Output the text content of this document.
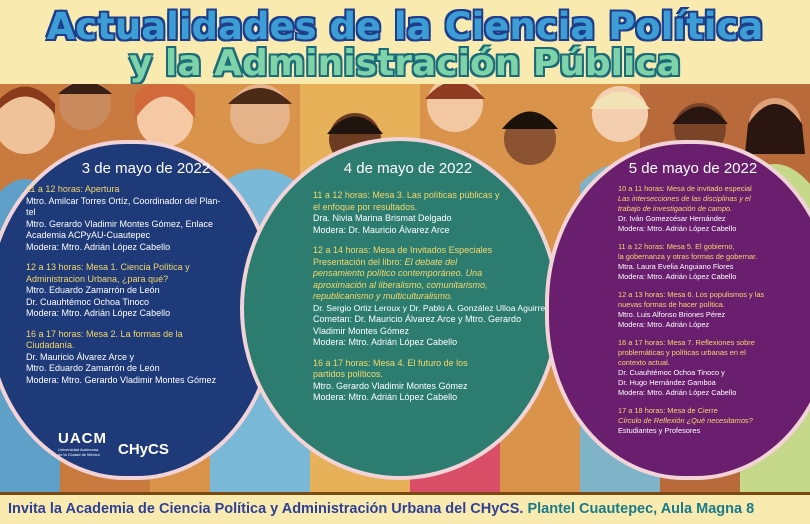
Actualidades de la Ciencia Política
y la Administración Pública
3 de mayo de 2022
11 a 12 horas: Apertura
Mtro. Amilcar Torres Ortíz, Coordinador del Plan-
tel
Mtro. Gerardo Vladimir Montes Gómez, Enlace
Academia ACPyAU-Cuautepec
Modera: Mtro. Adrián López Cabello
12 a 13 horas: Mesa 1. Ciencia Política y
Administracion Urbana, ¿para qué?
Mtro. Eduardo Zamarrón de León
Dr. Cuauhtémoc Ochoa Tinoco
Modera: Mtro. Adrián López Cabello
16 a 17 horas: Mesa 2. La formas de la
Ciudadanía.
Dr. Mauricio Álvarez Arce y
Mtro. Eduardo Zamarrón de León
Modera: Mtro. Gerardo Vladimir Montes Gómez
UACM
Universidad Autónoma
de la Ciudad de México	CHyCS
4 de mayo de 2022
11 a 12 horas: Mesa 3. Las políticas públicas y
el enfoque por resultados.
Dra. Nivia Marina Brismat Delgado
Modera: Dr. Mauricio Álvarez Arce
12 a 14 horas: Mesa de Invitados Especiales
Presentación del libro: El debate del
pensamiento político contemporáneo. Una
aproximación al liberalismo, comunitarismo,
republicanismo y multiculturalismo.
Dr. Sergio Ortiz Leroux y Dr. Pablo A. González Ulloa Aguirre
Cometan: Dr. Mauricio Álvarez Arce y Mtro. Gerardo
Vladimir Montes Gómez
Modera: Mtro. Adrián López Cabello
16 a 17 horas: Mesa 4. El futuro de los
partidos políticos.
Mtro. Gerardo Vladimir Montes Gómez
Modera: Mtro. Adrián López Cabello
5 de mayo de 2022
10 a 11 horas: Mesa de invitado especial
Las intersecciones de las disciplinas y el
trabajo de investigación de campo.
Dr. Iván Gomezcésar Hernández
Modera: Mtro. Adrián López Cabello
11 a 12 horas: Mesa 5. El gobierno,
la gobernanza y otras formas de gobernar.
Mtra. Laura Evelia Anguiano Flores
Modera: Mtro. Adrián López Cabello
12 a 13 horas: Mesa 6. Los populismos y las
nuevas formas de hacer política.
Mtro. Luis Alfonso Briones Pérez
Modera: Mtro. Adrián López
16 a 17 horas: Mesa 7. Reflexiones sobre
problemáticas y políticas urbanas en el
contexto actual.
Dr. Cuauhtémoc Ochoa Tinoco y
Dr. Hugo Hernández Gamboa
Modera: Mtro. Adrián López Cabello
17 a 18 horas: Mesa de Cierre
Círculo de Reflexión ¿Qué necesitamos?
Estudiantes y Profesores
Invita la Academia de Ciencia Política y Administración Urbana del CHyCS. Plantel Cuautepec, Aula Magna 8
